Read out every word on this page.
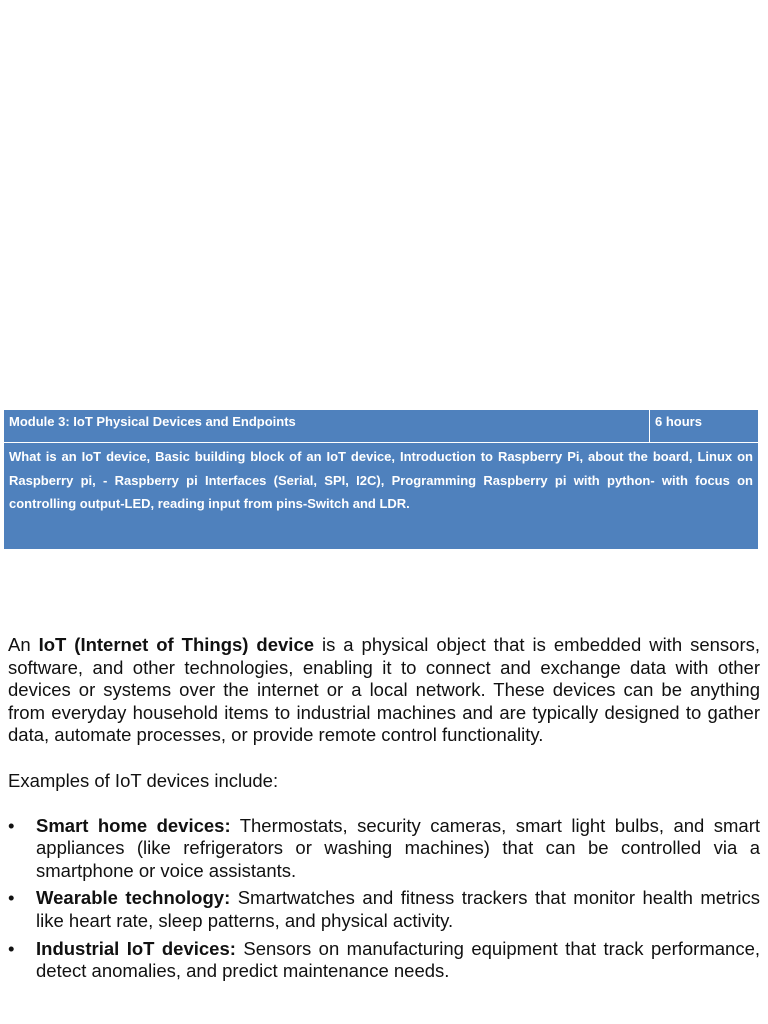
Module 3: IoT Physical Devices and Endpoints	6 hours
What is an IoT device, Basic building block of an IoT device, Introduction to Raspberry Pi, about the board, Linux on Raspberry pi, - Raspberry pi Interfaces (Serial, SPI, I2C), Programming Raspberry pi with python- with focus on controlling output-LED, reading input from pins-Switch and LDR.

An IoT (Internet of Things) device is a physical object that is embedded with sensors, software, and other technologies, enabling it to connect and exchange data with other devices or systems over the internet or a local network. These devices can be anything from everyday household items to industrial machines and are typically designed to gather data, automate processes, or provide remote control functionality.

Examples of IoT devices include:

• Smart home devices: Thermostats, security cameras, smart light bulbs, and smart appliances (like refrigerators or washing machines) that can be controlled via a smartphone or voice assistants.
• Wearable technology: Smartwatches and fitness trackers that monitor health metrics like heart rate, sleep patterns, and physical activity.
• Industrial IoT devices: Sensors on manufacturing equipment that track performance, detect anomalies, and predict maintenance needs.
